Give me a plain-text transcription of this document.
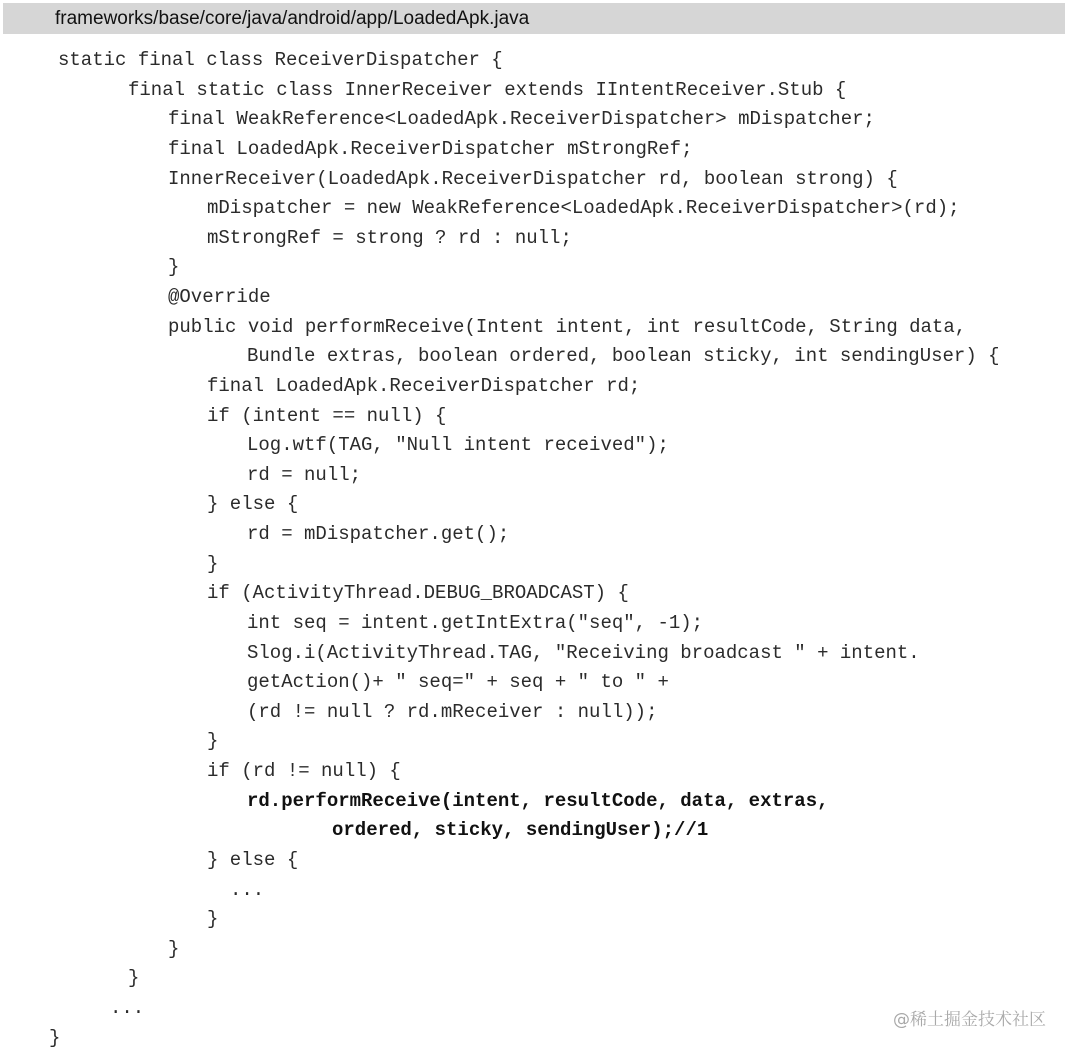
frameworks/base/core/java/android/app/LoadedApk.java
static final class ReceiverDispatcher {
final static class InnerReceiver extends IIntentReceiver.Stub {
final WeakReference<LoadedApk.ReceiverDispatcher> mDispatcher;
final LoadedApk.ReceiverDispatcher mStrongRef;
InnerReceiver(LoadedApk.ReceiverDispatcher rd, boolean strong) {
mDispatcher = new WeakReference<LoadedApk.ReceiverDispatcher>(rd);
mStrongRef = strong ? rd : null;
}
@Override
public void performReceive(Intent intent, int resultCode, String data,
Bundle extras, boolean ordered, boolean sticky, int sendingUser) {
final LoadedApk.ReceiverDispatcher rd;
if (intent == null) {
Log.wtf(TAG, "Null intent received");
rd = null;
} else {
rd = mDispatcher.get();
}
if (ActivityThread.DEBUG_BROADCAST) {
int seq = intent.getIntExtra("seq", -1);
Slog.i(ActivityThread.TAG, "Receiving broadcast " + intent.
getAction()+ " seq=" + seq + " to " +
(rd != null ? rd.mReceiver : null));
}
if (rd != null) {
rd.performReceive(intent, resultCode, data, extras,
ordered, sticky, sendingUser);//1
} else {
...
}
}
}
...
}
@稀土掘金技术社区
